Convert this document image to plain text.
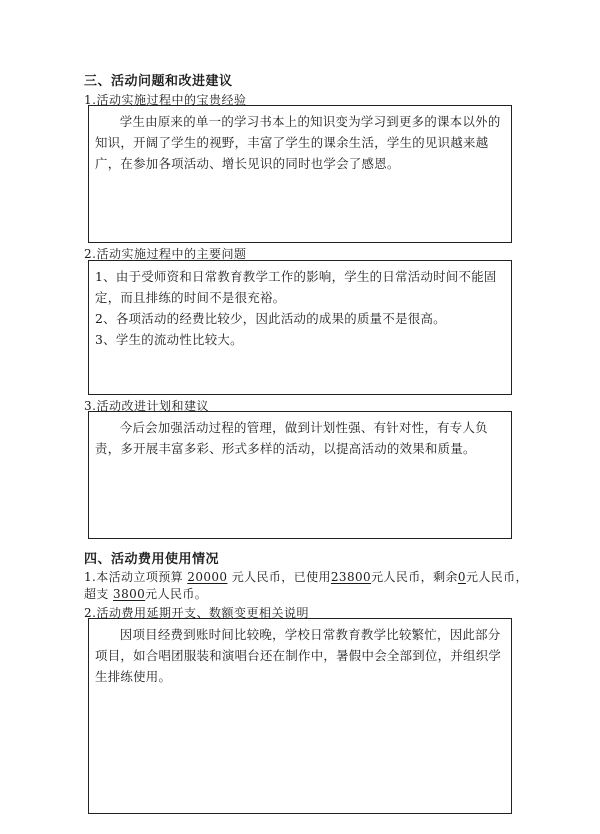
三、活动问题和改进建议
1.活动实施过程中的宝贵经验

学生由原来的单一的学习书本上的知识变为学习到更多的课本以外的知识，开阔了学生的视野，丰富了学生的课余生活，学生的见识越来越广，在参加各项活动、增长见识的同时也学会了感恩。

2.活动实施过程中的主要问题

1、由于受师资和日常教育教学工作的影响，学生的日常活动时间不能固定，而且排练的时间不是很充裕。

2、各项活动的经费比较少，因此活动的成果的质量不是很高。

3、学生的流动性比较大。

3.活动改进计划和建议

今后会加强活动过程的管理，做到计划性强、有针对性，有专人负责，多开展丰富多彩、形式多样的活动，以提高活动的效果和质量。

四、活动费用使用情况
1.本活动立项预算 20000 元人民币，已使用23800元人民币，剩余0元人民币，
超支 3800元人民币。
2.活动费用延期开支、数额变更相关说明

因项目经费到账时间比较晚，学校日常教育教学比较繁忙，因此部分项目，如合唱团服装和演唱台还在制作中，暑假中会全部到位，并组织学生排练使用。
